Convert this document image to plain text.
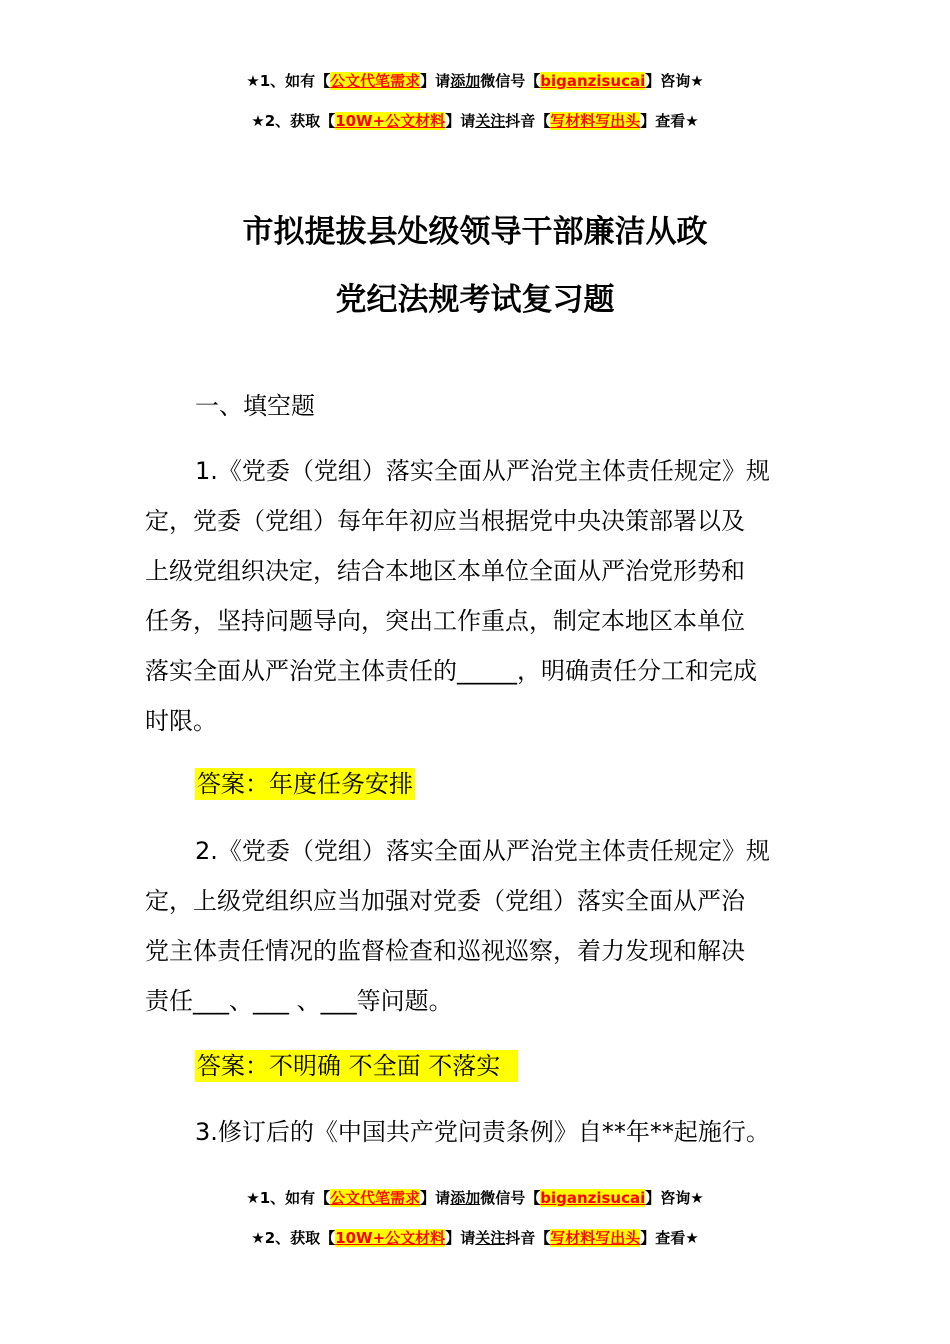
★1、如有【公文代笔需求】请添加微信号【biganzisucai】咨询★
★2、获取【10W+公文材料】请关注抖音【写材料写出头】查看★
市拟提拔县处级领导干部廉洁从政
党纪法规考试复习题
一、填空题
1.《党委（党组）落实全面从严治党主体责任规定》规
定，党委（党组）每年年初应当根据党中央决策部署以及
上级党组织决定，结合本地区本单位全面从严治党形势和
任务，坚持问题导向，突出工作重点，制定本地区本单位
落实全面从严治党主体责任的_____，明确责任分工和完成
时限。
答案：年度任务安排
2.《党委（党组）落实全面从严治党主体责任规定》规
定，上级党组织应当加强对党委（党组）落实全面从严治
党主体责任情况的监督检查和巡视巡察，着力发现和解决
责任___、___ 、___等问题。
答案：不明确 不全面 不落实
3.修订后的《中国共产党问责条例》自**年**起施行。
★1、如有【公文代笔需求】请添加微信号【biganzisucai】咨询★
★2、获取【10W+公文材料】请关注抖音【写材料写出头】查看★
